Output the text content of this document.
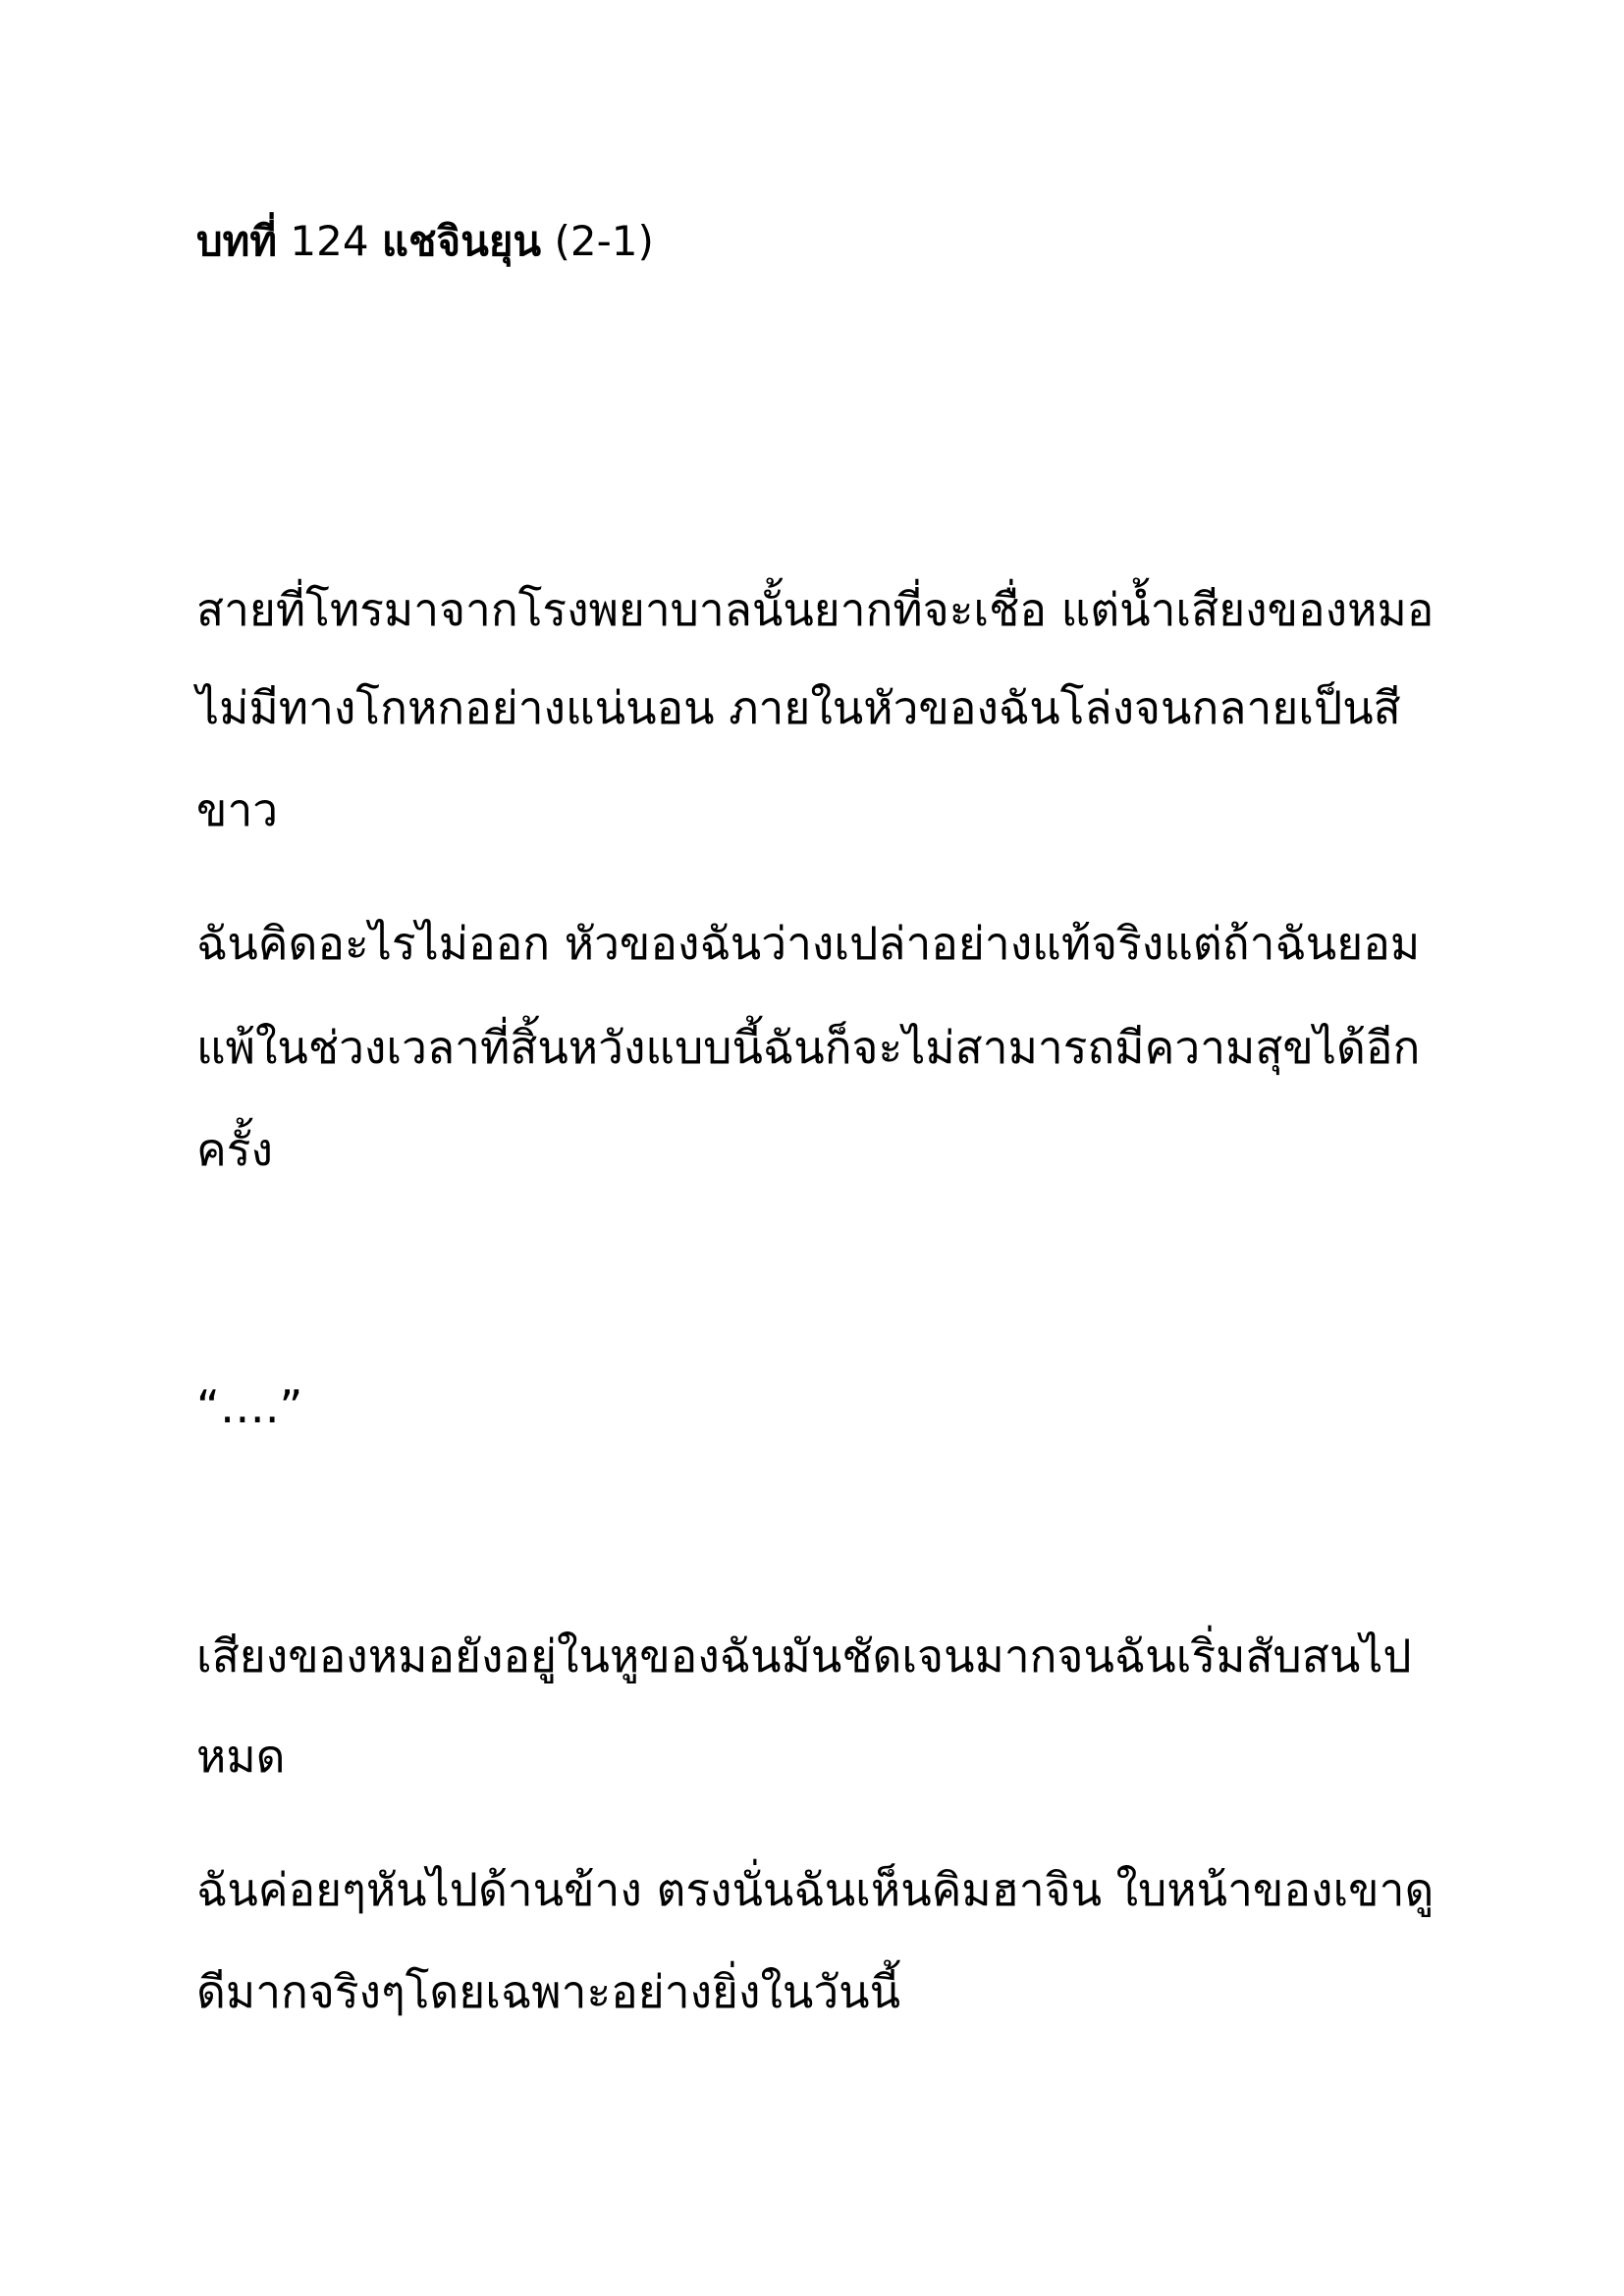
บทที่ 124 แชจินยุน (2-1)
สายที่โทรมาจากโรงพยาบาลนั้นยากที่จะเชื่อ แต่น้ำเสียงของหมอ
ไม่มีทางโกหกอย่างแน่นอน ภายในหัวของฉันโล่งจนกลายเป็นสี
ขาว
ฉันคิดอะไรไม่ออก หัวของฉันว่างเปล่าอย่างแท้จริงแต่ถ้าฉันยอม
แพ้ในช่วงเวลาที่สิ้นหวังแบบนี้ฉันก็จะไม่สามารถมีความสุขได้อีก
ครั้ง
“….”
เสียงของหมอยังอยู่ในหูของฉันมันชัดเจนมากจนฉันเริ่มสับสนไป
หมด
ฉันค่อยๆหันไปด้านข้าง ตรงนั่นฉันเห็นคิมฮาจิน ใบหน้าของเขาดู
ดีมากจริงๆโดยเฉพาะอย่างยิ่งในวันนี้
